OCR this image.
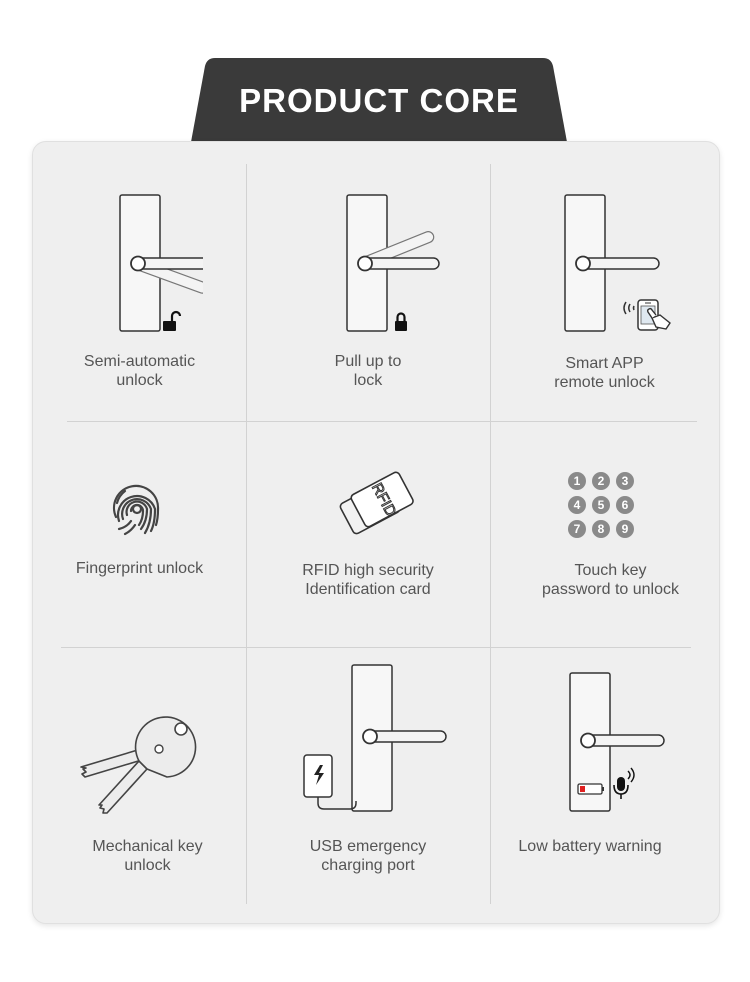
PRODUCT CORE
Semi-automatic
unlock
Pull up to
lock
Smart APP
remote unlock
Fingerprint unlock
RFID
RFID high security
Identification card
1	2	3
4	5	6
7	8	9
Touch key
password to unlock
Mechanical key
unlock
USB emergency
charging port
Low battery warning
